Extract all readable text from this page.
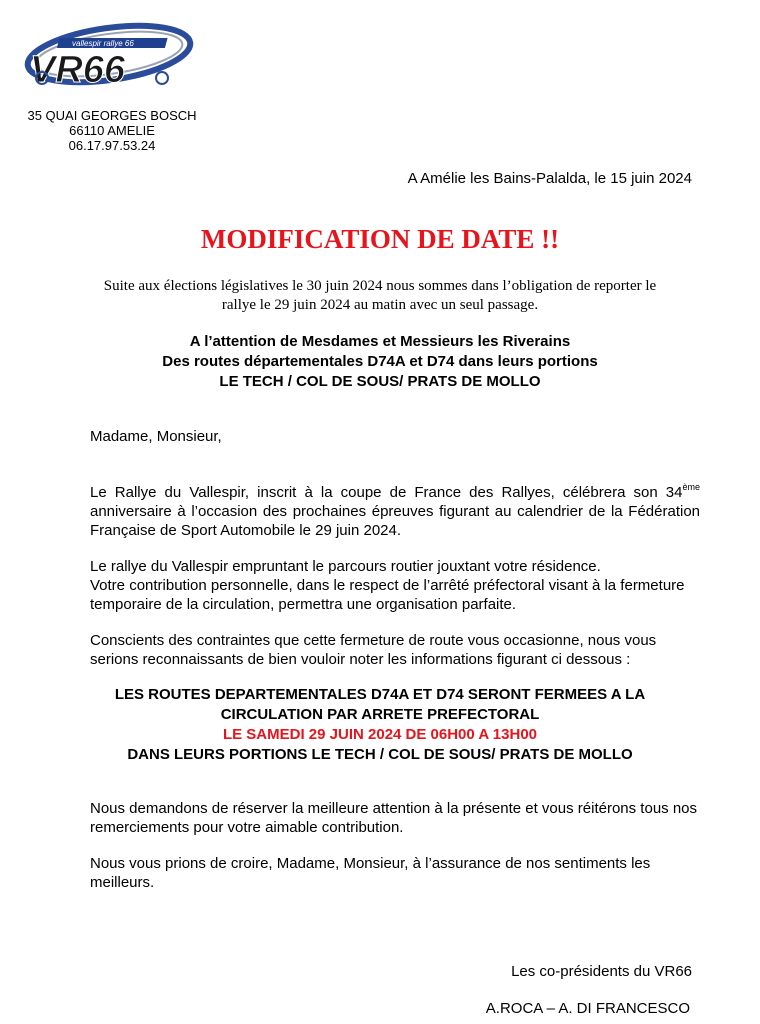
vallespir rallye 66
VR66
35 QUAI GEORGES BOSCH
66110 AMELIE
06.17.97.53.24
A Amélie les Bains-Palalda, le 15 juin 2024
MODIFICATION DE DATE !!
Suite aux élections législatives le 30 juin 2024 nous sommes dans l’obligation de reporter le
rallye le 29 juin 2024 au matin avec un seul passage.
A l’attention de Mesdames et Messieurs les Riverains
Des routes départementales D74A et D74 dans leurs portions
LE TECH / COL DE SOUS/ PRATS DE MOLLO
Madame, Monsieur,
Le Rallye du Vallespir, inscrit à la coupe de France des Rallyes, célébrera son 34ème anniversaire à l’occasion des prochaines épreuves figurant au calendrier de la Fédération Française de Sport Automobile le 29 juin 2024.
Le rallye du Vallespir empruntant le parcours routier jouxtant votre résidence.
Votre contribution personnelle, dans le respect de l’arrêté préfectoral visant à la fermeture temporaire de la circulation, permettra une organisation parfaite.
Conscients des contraintes que cette fermeture de route vous occasionne, nous vous serions reconnaissants de bien vouloir noter les informations figurant ci dessous :
LES ROUTES DEPARTEMENTALES D74A ET D74 SERONT FERMEES A LA
CIRCULATION PAR ARRETE PREFECTORAL
LE SAMEDI 29 JUIN 2024 DE 06H00 A 13H00
DANS LEURS PORTIONS LE TECH / COL DE SOUS/ PRATS DE MOLLO
Nous demandons de réserver la meilleure attention à la présente et vous réitérons tous nos remerciements pour votre aimable contribution.
Nous vous prions de croire, Madame, Monsieur, à l’assurance de nos sentiments les meilleurs.
Les co-présidents du VR66
A.ROCA – A. DI FRANCESCO
